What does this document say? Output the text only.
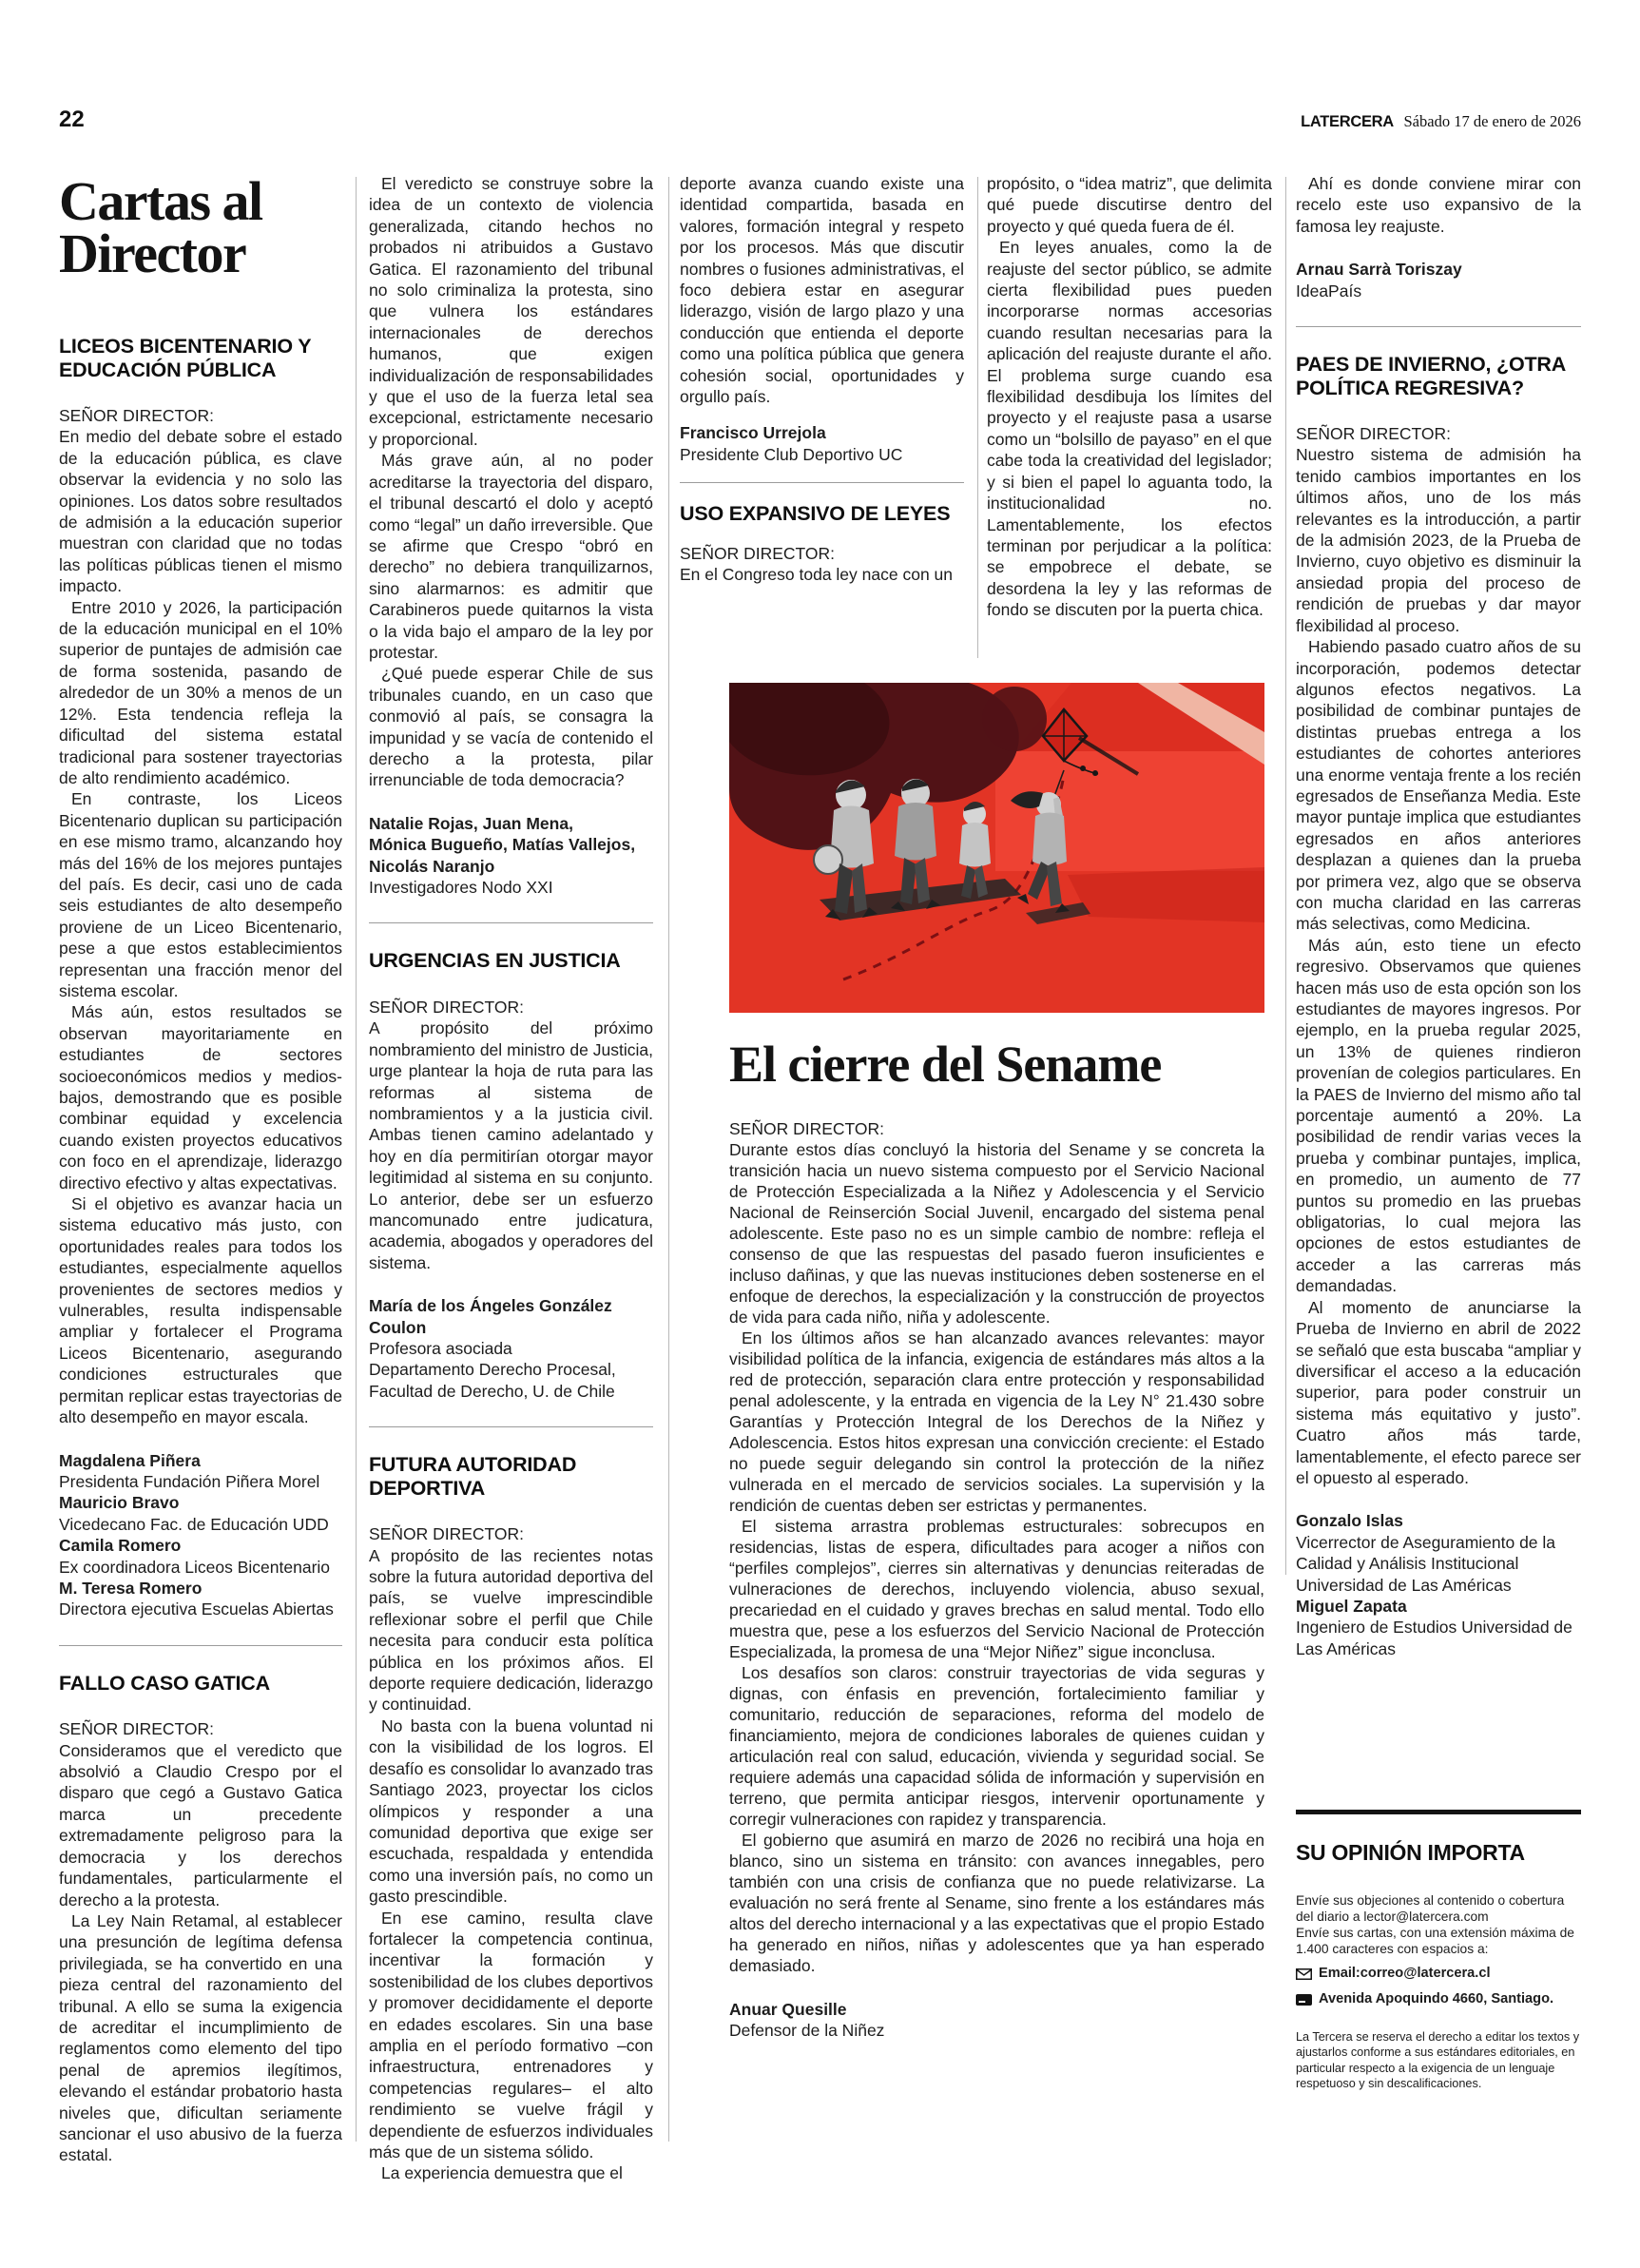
22	LATERCERA Sábado 17 de enero de 2026
Cartas al Director
LICEOS BICENTENARIO Y EDUCACIÓN PÚBLICA

SEÑOR DIRECTOR:

En medio del debate sobre el estado de la educación pública, es clave observar la evidencia y no solo las opiniones. Los datos sobre resultados de admisión a la educación superior muestran con claridad que no todas las políticas públicas tienen el mismo impacto.

Entre 2010 y 2026, la participación de la educación municipal en el 10% superior de puntajes de admisión cae de forma sostenida, pasando de alrededor de un 30% a menos de un 12%. Esta tendencia refleja la dificultad del sistema estatal tradicional para sostener trayectorias de alto rendimiento académico.

En contraste, los Liceos Bicentenario duplican su participación en ese mismo tramo, alcanzando hoy más del 16% de los mejores puntajes del país. Es decir, casi uno de cada seis estudiantes de alto desempeño proviene de un Liceo Bicentenario, pese a que estos establecimientos representan una fracción menor del sistema escolar.

Más aún, estos resultados se observan mayoritariamente en estudiantes de sectores socioeconómicos medios y medios-bajos, demostrando que es posible combinar equidad y excelencia cuando existen proyectos educativos con foco en el aprendizaje, liderazgo directivo efectivo y altas expectativas.

Si el objetivo es avanzar hacia un sistema educativo más justo, con oportunidades reales para todos los estudiantes, especialmente aquellos provenientes de sectores medios y vulnerables, resulta indispensable ampliar y fortalecer el Programa Liceos Bicentenario, asegurando condiciones estructurales que permitan replicar estas trayectorias de alto desempeño en mayor escala.

Magdalena Piñera
Presidenta Fundación Piñera Morel
Mauricio Bravo
Vicedecano Fac. de Educación UDD
Camila Romero
Ex coordinadora Liceos Bicentenario
M. Teresa Romero
Directora ejecutiva Escuelas Abiertas
FALLO CASO GATICA

SEÑOR DIRECTOR:

Consideramos que el veredicto que absolvió a Claudio Crespo por el disparo que cegó a Gustavo Gatica marca un precedente extremadamente peligroso para la democracia y los derechos fundamentales, particularmente el derecho a la protesta.

La Ley Nain Retamal, al establecer una presunción de legítima defensa privilegiada, se ha convertido en una pieza central del razonamiento del tribunal. A ello se suma la exigencia de acreditar el incumplimiento de reglamentos como elemento del tipo penal de apremios ilegítimos, elevando el estándar probatorio hasta niveles que, dificultan seriamente sancionar el uso abusivo de la fuerza estatal.

El veredicto se construye sobre la idea de un contexto de violencia generalizada, citando hechos no probados ni atribuidos a Gustavo Gatica. El razonamiento del tribunal no solo criminaliza la protesta, sino que vulnera los estándares internacionales de derechos humanos, que exigen individualización de responsabilidades y que el uso de la fuerza letal sea excepcional, estrictamente necesario y proporcional.

Más grave aún, al no poder acreditarse la trayectoria del disparo, el tribunal descartó el dolo y aceptó como “legal” un daño irreversible. Que se afirme que Crespo “obró en derecho” no debiera tranquilizarnos, sino alarmarnos: es admitir que Carabineros puede quitarnos la vista o la vida bajo el amparo de la ley por protestar.

¿Qué puede esperar Chile de sus tribunales cuando, en un caso que conmovió al país, se consagra la impunidad y se vacía de contenido el derecho a la protesta, pilar irrenunciable de toda democracia?

Natalie Rojas, Juan Mena,
Mónica Bugueño, Matías Vallejos,
Nicolás Naranjo
Investigadores Nodo XXI
URGENCIAS EN JUSTICIA

SEÑOR DIRECTOR:

A propósito del próximo nombramiento del ministro de Justicia, urge plantear la hoja de ruta para las reformas al sistema de nombramientos y a la justicia civil. Ambas tienen camino adelantado y hoy en día permitirían otorgar mayor legitimidad al sistema en su conjunto. Lo anterior, debe ser un esfuerzo mancomunado entre judicatura, academia, abogados y operadores del sistema.

María de los Ángeles González Coulon
Profesora asociada
Departamento Derecho Procesal,
Facultad de Derecho, U. de Chile
FUTURA AUTORIDAD DEPORTIVA

SEÑOR DIRECTOR:

A propósito de las recientes notas sobre la futura autoridad deportiva del país, se vuelve imprescindible reflexionar sobre el perfil que Chile necesita para conducir esta política pública en los próximos años. El deporte requiere dedicación, liderazgo y continuidad.

No basta con la buena voluntad ni con la visibilidad de los logros. El desafío es consolidar lo avanzado tras Santiago 2023, proyectar los ciclos olímpicos y responder a una comunidad deportiva que exige ser escuchada, respaldada y entendida como una inversión país, no como un gasto prescindible.

En ese camino, resulta clave fortalecer la competencia continua, incentivar la formación y sostenibilidad de los clubes deportivos y promover decididamente el deporte en edades escolares. Sin una base amplia en el período formativo –con infraestructura, entrenadores y competencias regulares– el alto rendimiento se vuelve frágil y dependiente de esfuerzos individuales más que de un sistema sólido.

La experiencia demuestra que el

deporte avanza cuando existe una identidad compartida, basada en valores, formación integral y respeto por los procesos. Más que discutir nombres o fusiones administrativas, el foco debiera estar en asegurar liderazgo, visión de largo plazo y una conducción que entienda el deporte como una política pública que genera cohesión social, oportunidades y orgullo país.

Francisco Urrejola
Presidente Club Deportivo UC
USO EXPANSIVO DE LEYES

SEÑOR DIRECTOR:

En el Congreso toda ley nace con un

propósito, o “idea matriz”, que delimita qué puede discutirse dentro del proyecto y qué queda fuera de él.

En leyes anuales, como la de reajuste del sector público, se admite cierta flexibilidad pues pueden incorporarse normas accesorias cuando resultan necesarias para la aplicación del reajuste durante el año. El problema surge cuando esa flexibilidad desdibuja los límites del proyecto y el reajuste pasa a usarse como un “bolsillo de payaso” en el que cabe toda la creatividad del legislador; y si bien el papel lo aguanta todo, la institucionalidad no. Lamentablemente, los efectos terminan por perjudicar a la política: se empobrece el debate, se desordena la ley y las reformas de fondo se discuten por la puerta chica.

Ahí es donde conviene mirar con recelo este uso expansivo de la famosa ley reajuste.

Arnau Sarrà Toriszay
IdeaPaís
PAES DE INVIERNO, ¿OTRA POLÍTICA REGRESIVA?

SEÑOR DIRECTOR:

Nuestro sistema de admisión ha tenido cambios importantes en los últimos años, uno de los más relevantes es la introducción, a partir de la admisión 2023, de la Prueba de Invierno, cuyo objetivo es disminuir la ansiedad propia del proceso de rendición de pruebas y dar mayor flexibilidad al proceso.

Habiendo pasado cuatro años de su incorporación, podemos detectar algunos efectos negativos. La posibilidad de combinar puntajes de distintas pruebas entrega a los estudiantes de cohortes anteriores una enorme ventaja frente a los recién egresados de Enseñanza Media. Este mayor puntaje implica que estudiantes egresados en años anteriores desplazan a quienes dan la prueba por primera vez, algo que se observa con mucha claridad en las carreras más selectivas, como Medicina.

Más aún, esto tiene un efecto regresivo. Observamos que quienes hacen más uso de esta opción son los estudiantes de mayores ingresos. Por ejemplo, en la prueba regular 2025, un 13% de quienes rindieron provenían de colegios particulares. En la PAES de Invierno del mismo año tal porcentaje aumentó a 20%. La posibilidad de rendir varias veces la prueba y combinar puntajes, implica, en promedio, un aumento de 77 puntos su promedio en las pruebas obligatorias, lo cual mejora las opciones de estos estudiantes de acceder a las carreras más demandadas.

Al momento de anunciarse la Prueba de Invierno en abril de 2022 se señaló que esta buscaba “ampliar y diversificar el acceso a la educación superior, para poder construir un sistema más equitativo y justo”. Cuatro años más tarde, lamentablemente, el efecto parece ser el opuesto al esperado.

Gonzalo Islas
Vicerrector de Aseguramiento de la Calidad y Análisis Institucional Universidad de Las Américas
Miguel Zapata
Ingeniero de Estudios Universidad de Las Américas
El cierre del Sename

SEÑOR DIRECTOR:

Durante estos días concluyó la historia del Sename y se concreta la transición hacia un nuevo sistema compuesto por el Servicio Nacional de Protección Especializada a la Niñez y Adolescencia y el Servicio Nacional de Reinserción Social Juvenil, encargado del sistema penal adolescente. Este paso no es un simple cambio de nombre: refleja el consenso de que las respuestas del pasado fueron insuficientes e incluso dañinas, y que las nuevas instituciones deben sostenerse en el enfoque de derechos, la especialización y la construcción de proyectos de vida para cada niño, niña y adolescente.

En los últimos años se han alcanzado avances relevantes: mayor visibilidad política de la infancia, exigencia de estándares más altos a la red de protección, separación clara entre protección y responsabilidad penal adolescente, y la entrada en vigencia de la Ley N° 21.430 sobre Garantías y Protección Integral de los Derechos de la Niñez y Adolescencia. Estos hitos expresan una convicción creciente: el Estado no puede seguir delegando sin control la protección de la niñez vulnerada en el mercado de servicios sociales. La supervisión y la rendición de cuentas deben ser estrictas y permanentes.

El sistema arrastra problemas estructurales: sobrecupos en residencias, listas de espera, dificultades para acoger a niños con “perfiles complejos”, cierres sin alternativas y denuncias reiteradas de vulneraciones de derechos, incluyendo violencia, abuso sexual, precariedad en el cuidado y graves brechas en salud mental. Todo ello muestra que, pese a los esfuerzos del Servicio Nacional de Protección Especializada, la promesa de una “Mejor Niñez” sigue inconclusa.

Los desafíos son claros: construir trayectorias de vida seguras y dignas, con énfasis en prevención, fortalecimiento familiar y comunitario, reducción de separaciones, reforma del modelo de financiamiento, mejora de condiciones laborales de quienes cuidan y articulación real con salud, educación, vivienda y seguridad social. Se requiere además una capacidad sólida de información y supervisión en terreno, que permita anticipar riesgos, intervenir oportunamente y corregir vulneraciones con rapidez y transparencia.

El gobierno que asumirá en marzo de 2026 no recibirá una hoja en blanco, sino un sistema en tránsito: con avances innegables, pero también con una crisis de confianza que no puede relativizarse. La evaluación no será frente al Sename, sino frente a los estándares más altos del derecho internacional y a las expectativas que el propio Estado ha generado en niños, niñas y adolescentes que ya han esperado demasiado.

Anuar Quesille
Defensor de la Niñez
SU OPINIÓN IMPORTA

Envíe sus objeciones al contenido o cobertura del diario a lector@latercera.com

Envíe sus cartas, con una extensión máxima de 1.400 caracteres con espacios a:

Email:correo@latercera.cl
Avenida Apoquindo 4660, Santiago.

La Tercera se reserva el derecho a editar los textos y ajustarlos conforme a sus estándares editoriales, en particular respecto a la exigencia de un lenguaje respetuoso y sin descalificaciones.
